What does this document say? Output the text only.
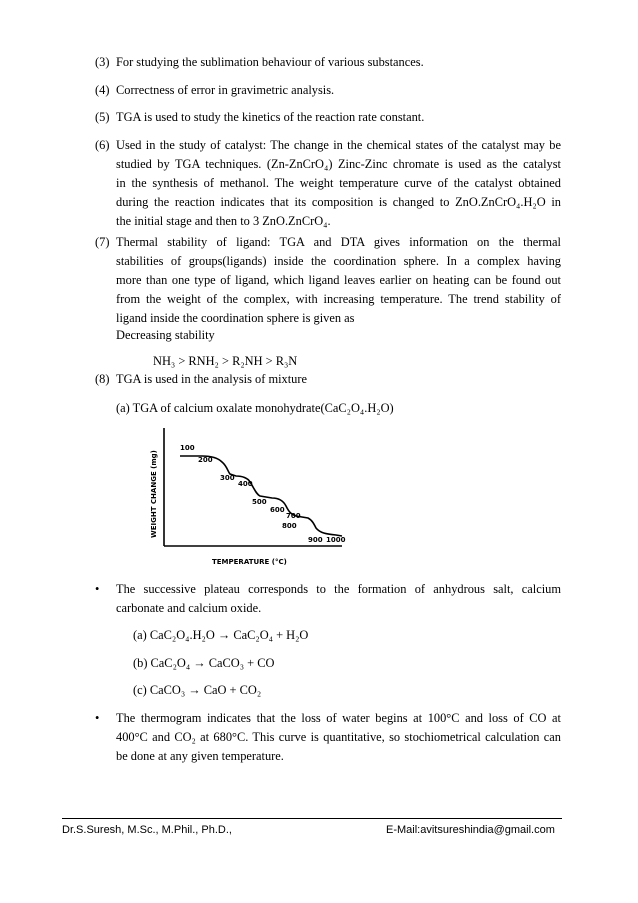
(3) For studying the sublimation behaviour of various substances.
(4) Correctness of error in gravimetric analysis.
(5) TGA is used to study the kinetics of the reaction rate constant.
(6) Used in the study of catalyst: The change in the chemical states of the catalyst may be
studied by TGA techniques. (Zn-ZnCrO₄) Zinc-Zinc chromate is used as the catalyst
in the synthesis of methanol. The weight temperature curve of the catalyst obtained
during the reaction indicates that its composition is changed to ZnO.ZnCrO₄.H₂O in
the initial stage and then to 3 ZnO.ZnCrO₄.
(7) Thermal stability of ligand: TGA and DTA gives information on the thermal
stabilities of groups(ligands) inside the coordination sphere. In a complex having
more than one type of ligand, which ligand leaves earlier on heating can be found out
from the weight of the complex, with increasing temperature. The trend stability of
ligand inside the coordination sphere is given as
Decreasing stability
NH₃ > RNH₂ > R₂NH > R₃N
(8) TGA is used in the analysis of mixture
(a) TGA of calcium oxalate monohydrate(CaC₂O₄.H₂O)
WEIGHT CHANGE (mg)
TEMPERATURE (°C)
100
200
300
400
500
600
700
800
900 1000
• The successive plateau corresponds to the formation of anhydrous salt, calcium
carbonate and calcium oxide.
(a) CaC₂O₄.H₂O → CaC₂O₄ + H₂O
(b) CaC₂O₄ → CaCO₃ + CO
(c) CaCO₃ → CaO + CO₂
• The thermogram indicates that the loss of water begins at 100°C and loss of CO at
400°C and CO₂ at 680°C. This curve is quantitative, so stochiometrical calculation can
be done at any given temperature.
Dr.S.Suresh, M.Sc., M.Phil., Ph.D.,	E-Mail:avitsureshindia@gmail.com
